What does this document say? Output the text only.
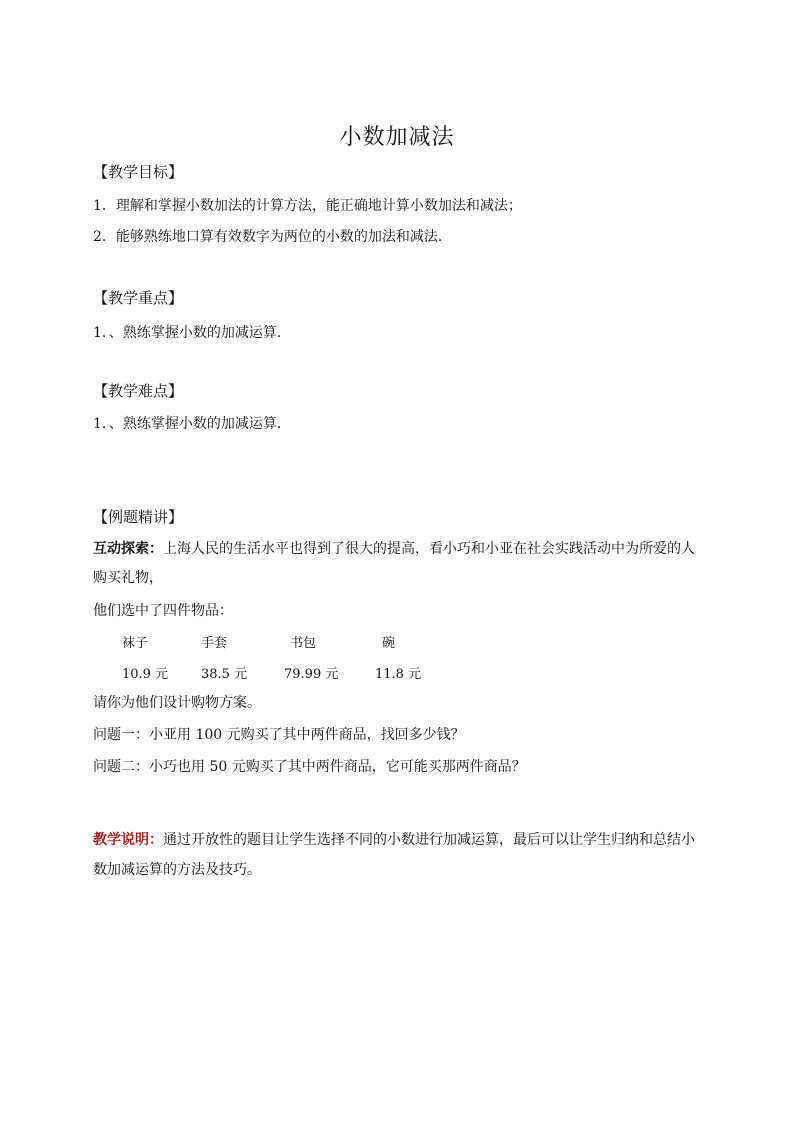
小数加减法
【教学目标】
1．理解和掌握小数加法的计算方法，能正确地计算小数加法和减法；
2．能够熟练地口算有效数字为两位的小数的加法和减法．
【教学重点】
1．、熟练掌握小数的加减运算．
【教学难点】
1．、熟练掌握小数的加减运算．
【例题精讲】
互动探索：上海人民的生活水平也得到了很大的提高，看小巧和小亚在社会实践活动中为所爱的人
购买礼物，
他们选中了四件物品：
袜子	手套	书包	碗
10.9 元	38.5 元	79.99 元	11.8 元
请你为他们设计购物方案。
问题一：小亚用 100 元购买了其中两件商品，找回多少钱？
问题二：小巧也用 50 元购买了其中两件商品，它可能买那两件商品？
教学说明：通过开放性的题目让学生选择不同的小数进行加减运算，最后可以让学生归纳和总结小
数加减运算的方法及技巧。
